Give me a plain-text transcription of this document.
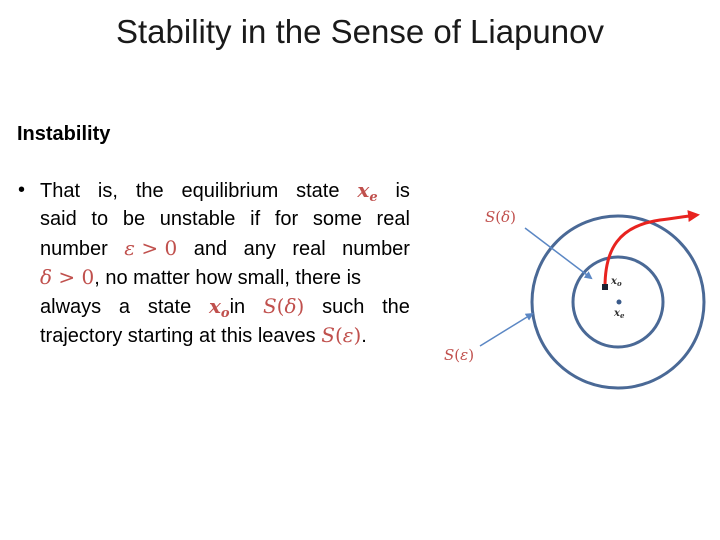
Stability in the Sense of Liapunov
Instability
• That is, the equilibrium state $x_e$ is
said to be unstable if for some real
number ε > 0 and any real number
δ > 0, no matter how small, there is
always a state $x_oin$ S(δ) such the
trajectory starting at this leaves S(ε).
S(δ)
S(ε)
$x_o$
$x_e$
